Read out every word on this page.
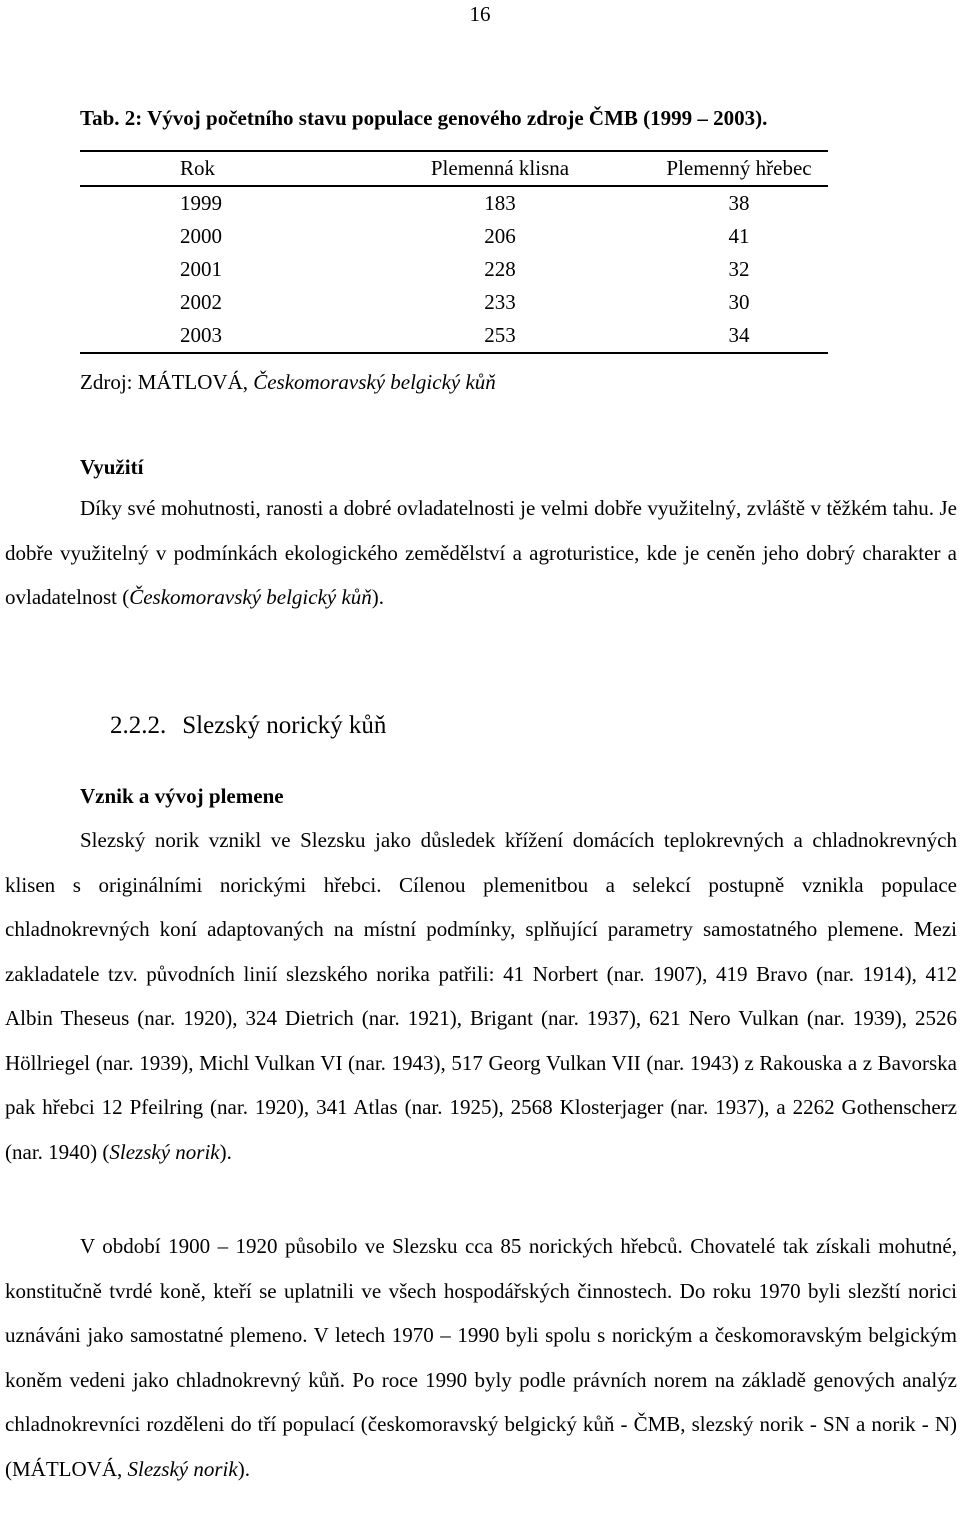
16
Tab. 2: Vývoj početního stavu populace genového zdroje ČMB (1999 – 2003).
Rok	Plemenná klisna	Plemenný hřebec
1999	183	38
2000	206	41
2001	228	32
2002	233	30
2003	253	34
Zdroj: MÁTLOVÁ, Českomoravský belgický kůň
Využití
Díky své mohutnosti, ranosti a dobré ovladatelnosti je velmi dobře využitelný, zvláště v těžkém tahu. Je dobře využitelný v podmínkách ekologického zemědělství a agroturistice, kde je ceněn jeho dobrý charakter a ovladatelnost (Českomoravský belgický kůň).
2.2.2. Slezský norický kůň
Vznik a vývoj plemene
Slezský norik vznikl ve Slezsku jako důsledek křížení domácích teplokrevných a chladnokrevných klisen s originálními norickými hřebci. Cílenou plemenitbou a selekcí postupně vznikla populace chladnokrevných koní adaptovaných na místní podmínky, splňující parametry samostatného plemene. Mezi zakladatele tzv. původních linií slezského norika patřili: 41 Norbert (nar. 1907), 419 Bravo (nar. 1914), 412 Albin Theseus (nar. 1920), 324 Dietrich (nar. 1921), Brigant (nar. 1937), 621 Nero Vulkan (nar. 1939), 2526 Höllriegel (nar. 1939), Michl Vulkan VI (nar. 1943), 517 Georg Vulkan VII (nar. 1943) z Rakouska a z Bavorska pak hřebci 12 Pfeilring (nar. 1920), 341 Atlas (nar. 1925), 2568 Klosterjager (nar. 1937), a 2262 Gothenscherz (nar. 1940) (Slezský norik).
V období 1900 – 1920 působilo ve Slezsku cca 85 norických hřebců. Chovatelé tak získali mohutné, konstitučně tvrdé koně, kteří se uplatnili ve všech hospodářských činnostech. Do roku 1970 byli slezští norici uznáváni jako samostatné plemeno. V letech 1970 – 1990 byli spolu s norickým a českomoravským belgickým koněm vedeni jako chladnokrevný kůň. Po roce 1990 byly podle právních norem na základě genových analýz chladnokrevníci rozděleni do tří populací (českomoravský belgický kůň - ČMB, slezský norik - SN a norik - N) (MÁTLOVÁ, Slezský norik).
